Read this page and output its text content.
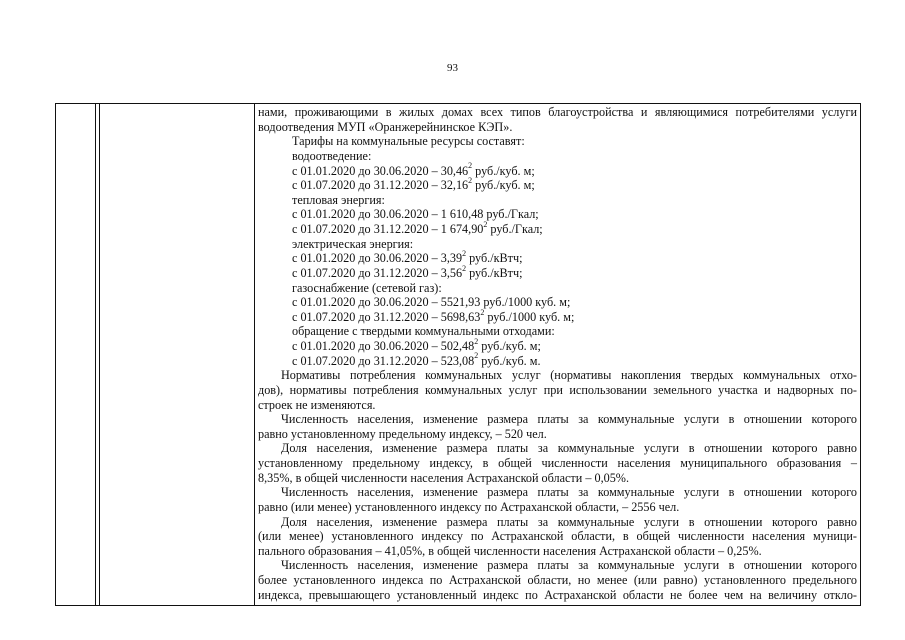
93
нами, проживающими в жилых домах всех типов благоустройства и являющимися потребителями услуги
водоотведения МУП «Оранжерейнинское КЭП».
Тарифы на коммунальные ресурсы составят:
водоотведение:
с 01.01.2020 до 30.06.2020 – 30,46$^2$ руб./куб. м;
с 01.07.2020 до 31.12.2020 – 32,16$^2$ руб./куб. м;
тепловая энергия:
с 01.01.2020 до 30.06.2020 – 1 610,48 руб./Гкал;
с 01.07.2020 до 31.12.2020 – 1 674,90$^2$ руб./Гкал;
электрическая энергия:
с 01.01.2020 до 30.06.2020 – 3,39$^2$ руб./кВтч;
с 01.07.2020 до 31.12.2020 – 3,56$^2$ руб./кВтч;
газоснабжение (сетевой газ):
с 01.01.2020 до 30.06.2020 – 5521,93 руб./1000 куб. м;
с 01.07.2020 до 31.12.2020 – 5698,63$^2$ руб./1000 куб. м;
обращение с твердыми коммунальными отходами:
с 01.01.2020 до 30.06.2020 – 502,48$^2$ руб./куб. м;
с 01.07.2020 до 31.12.2020 – 523,08$^2$ руб./куб. м.
Нормативы потребления коммунальных услуг (нормативы накопления твердых коммунальных отхо-
дов), нормативы потребления коммунальных услуг при использовании земельного участка и надворных по-
строек не изменяются.
Численность населения, изменение размера платы за коммунальные услуги в отношении которого
равно установленному предельному индексу, – 520 чел.
Доля населения, изменение размера платы за коммунальные услуги в отношении которого равно
установленному предельному индексу, в общей численности населения муниципального образования –
8,35%, в общей численности населения Астраханской области – 0,05%.
Численность населения, изменение размера платы за коммунальные услуги в отношении которого
равно (или менее) установленного индексу по Астраханской области, – 2556 чел.
Доля населения, изменение размера платы за коммунальные услуги в отношении которого равно
(или менее) установленного индексу по Астраханской области, в общей численности населения муници-
пального образования – 41,05%, в общей численности населения Астраханской области – 0,25%.
Численность населения, изменение размера платы за коммунальные услуги в отношении которого
более установленного индекса по Астраханской области, но менее (или равно) установленного предельного
индекса, превышающего установленный индекс по Астраханской области не более чем на величину откло-
